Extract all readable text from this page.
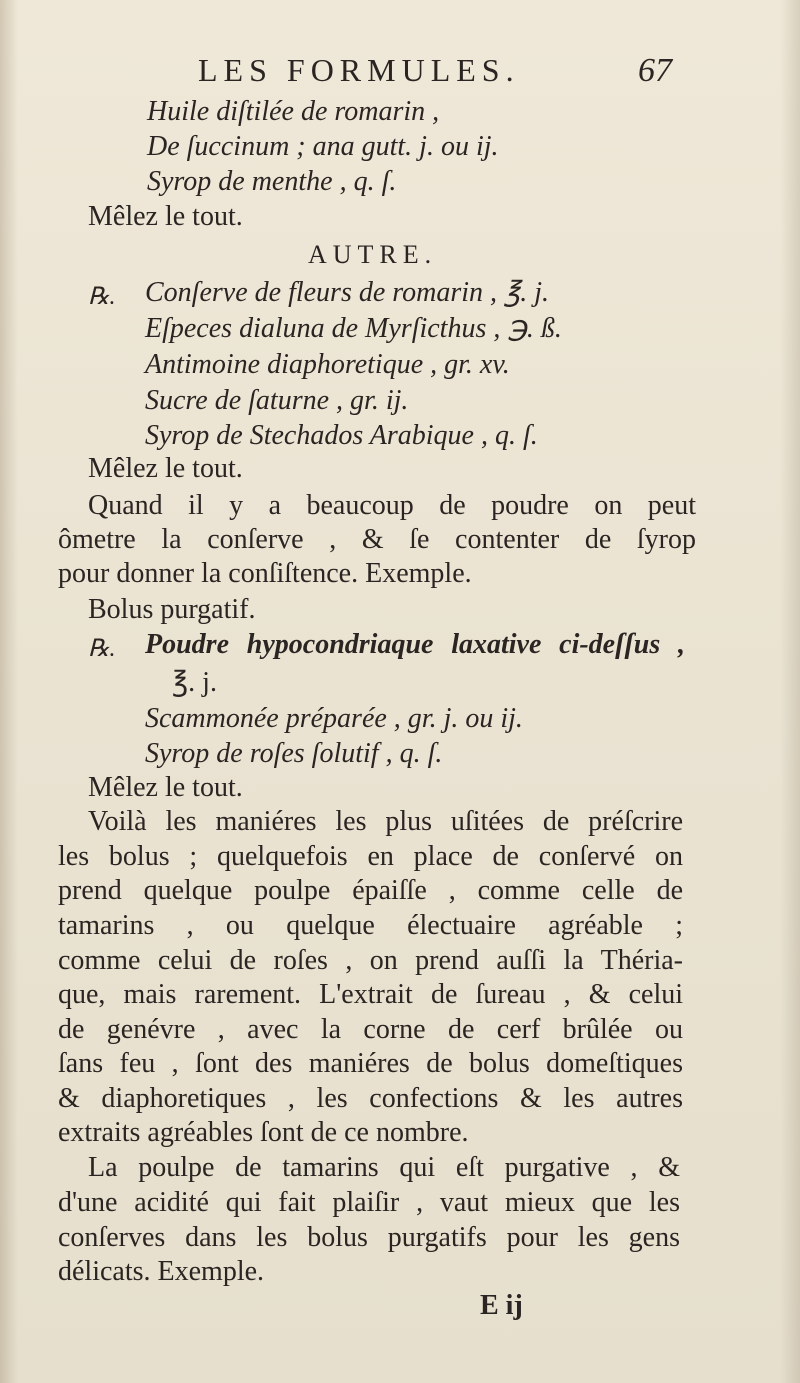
LES FORMULES.	67
Huile diſtilée de romarin ,
De ſuccinum ; ana gutt. j. ou ij.
Syrop de menthe , q. ſ.
Mêlez le tout.
AUTRE.
℞. Conſerve de fleurs de romarin , ℥. j.
Eſpeces dialuna de Myrſicthus , ℈. ß.
Antimoine diaphoretique , gr. xv.
Sucre de ſaturne , gr. ij.
Syrop de Stechados Arabique , q. ſ.
Mêlez le tout.
Quand il y a beaucoup de poudre on peut
ômetre la conſerve , & ſe contenter de ſyrop
pour donner la conſiſtence. Exemple.
Bolus purgatif.
℞. Poudre hypocondriaque laxative ci-deſſus ,
℥. j.
Scammonée préparée , gr. j. ou ij.
Syrop de roſes ſolutif , q. ſ.
Mêlez le tout.
Voilà les maniéres les plus uſitées de préſcrire
les bolus ; quelquefois en place de conſervé on
prend quelque poulpe épaiſſe , comme celle de
tamarins , ou quelque électuaire agréable ;
comme celui de roſes , on prend auſſi la Théria-
que, mais rarement. L'extrait de ſureau , & celui
de genévre , avec la corne de cerf brûlée ou
ſans feu , ſont des maniéres de bolus domeſtiques
& diaphoretiques , les confections & les autres
extraits agréables ſont de ce nombre.
La poulpe de tamarins qui eſt purgative , &
d'une acidité qui fait plaiſir , vaut mieux que les
conſerves dans les bolus purgatifs pour les gens
délicats. Exemple.
E ij
